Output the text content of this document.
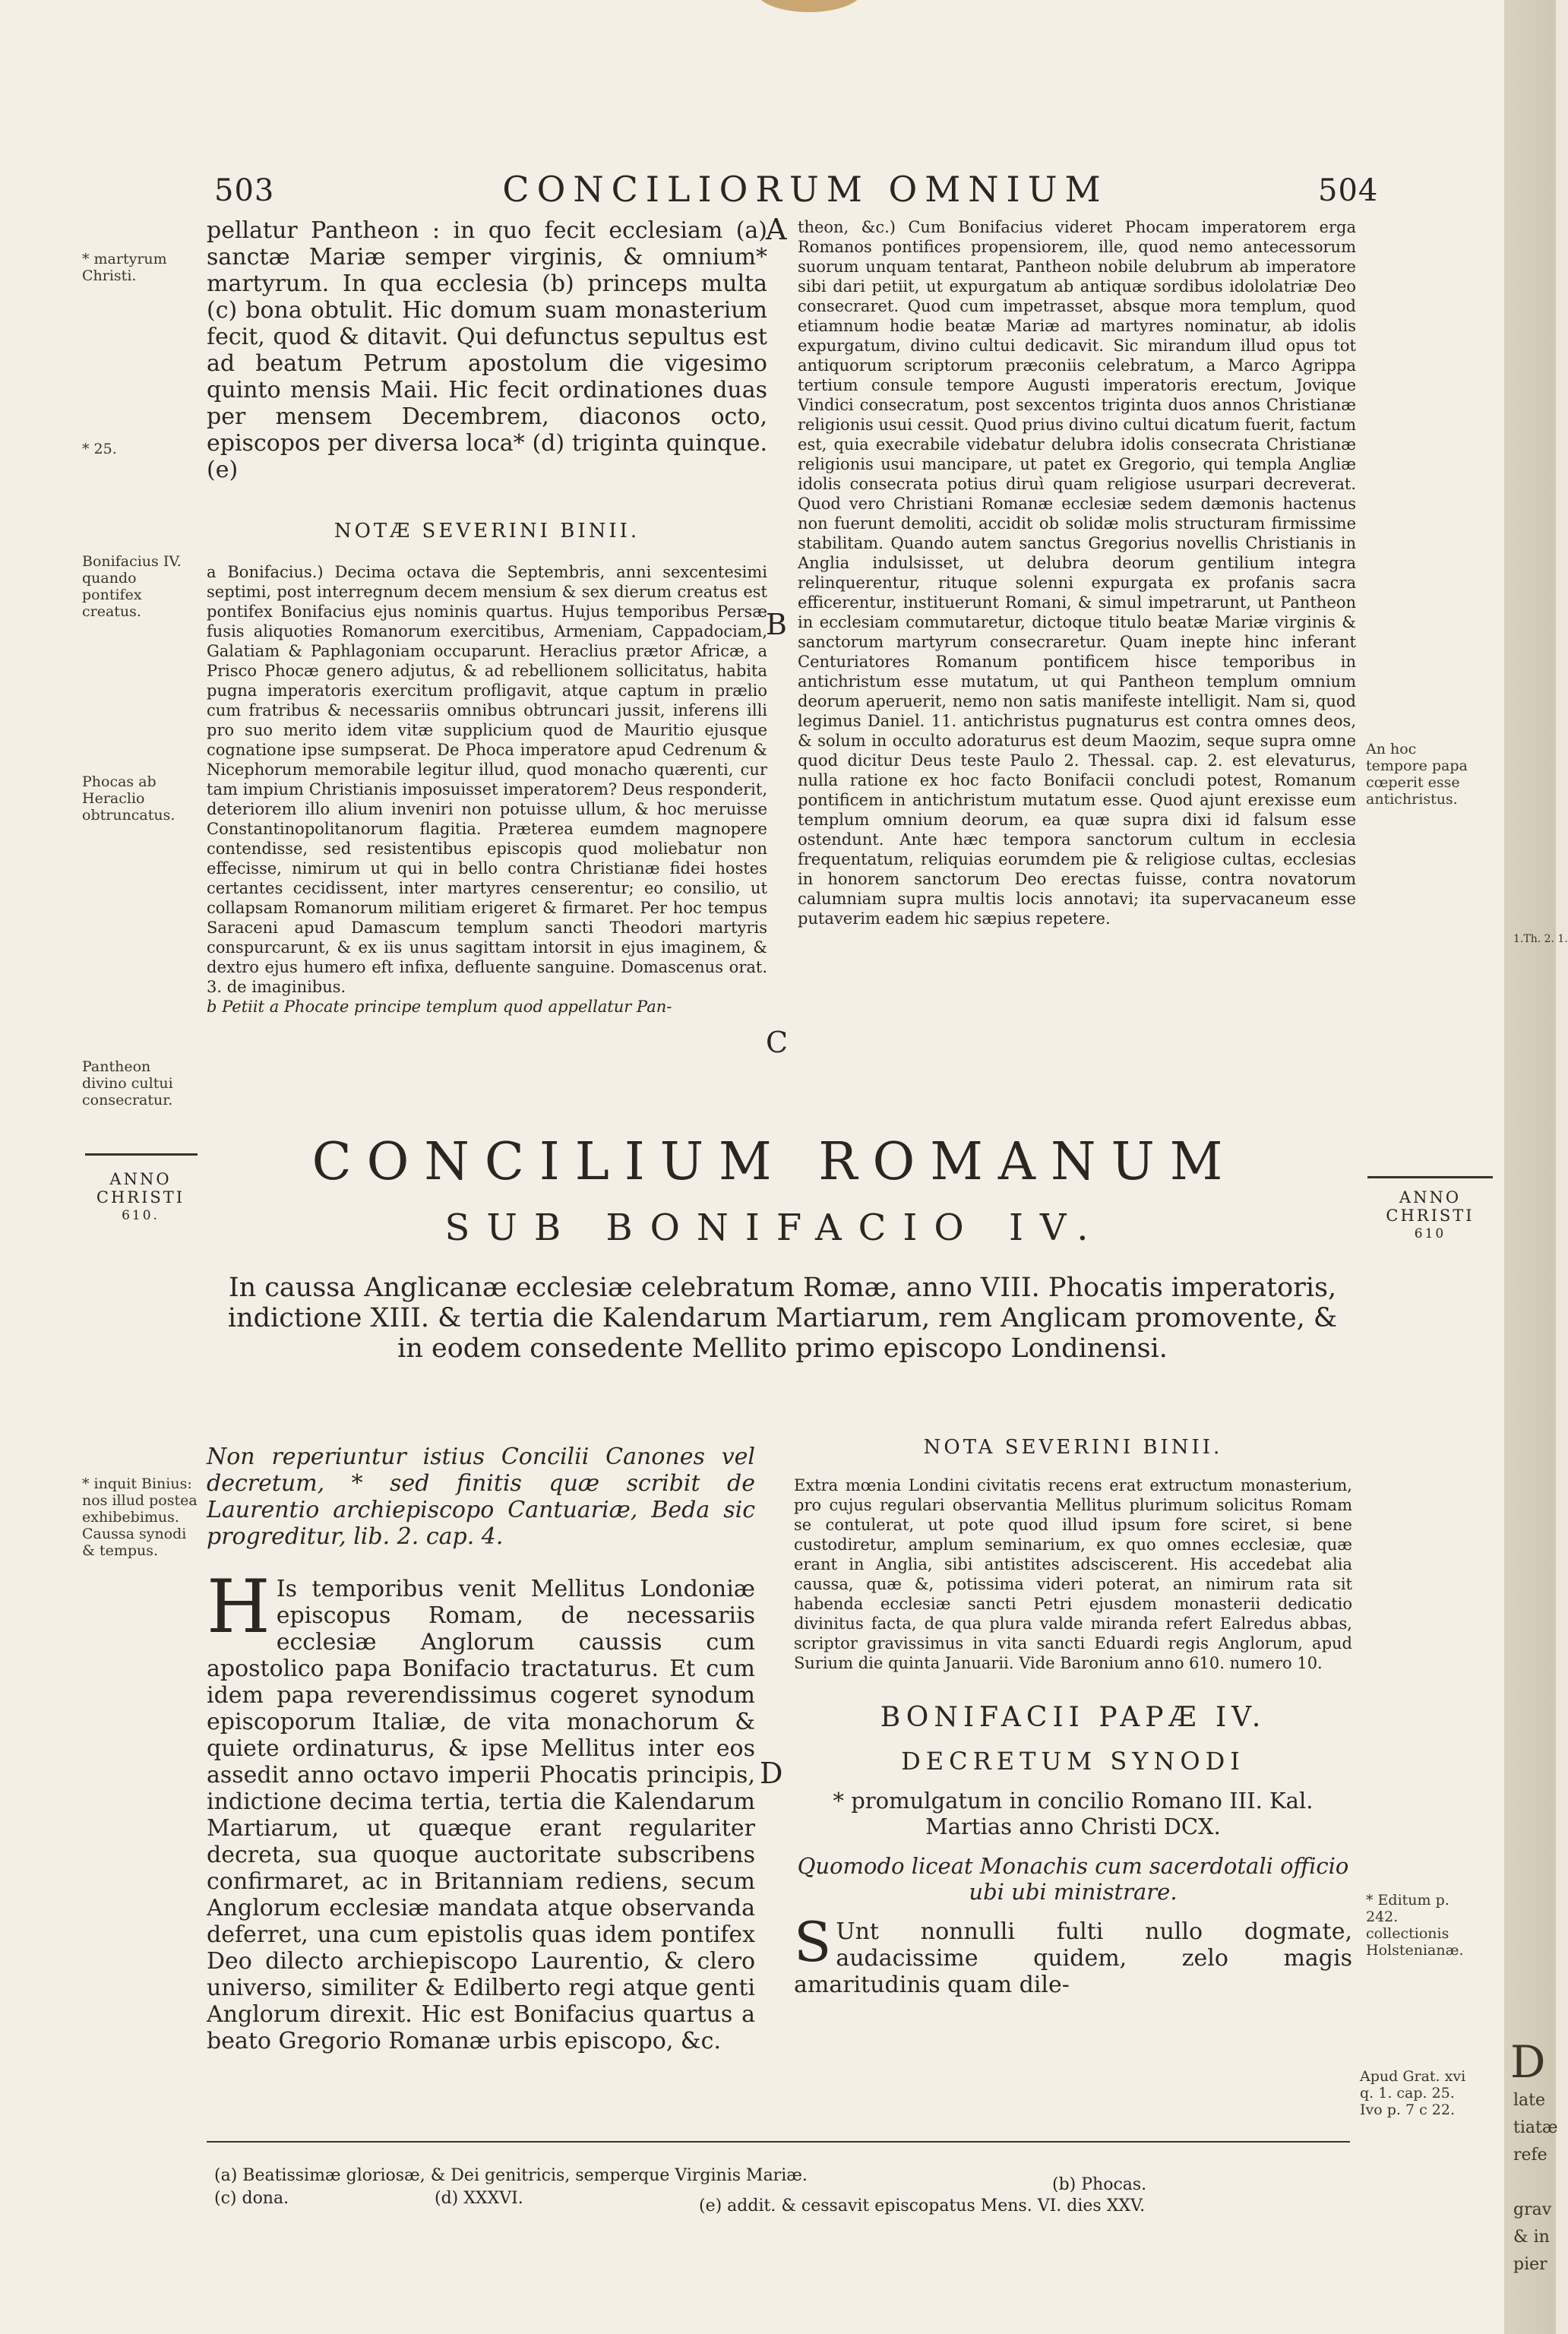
503	CONCILIORUM OMNIUM	504
* martyrum Christi.
* 25.
Bonifacius IV. quando pontifex creatus.
Phocas ab Heraclio obtruncatus.
Pantheon divino cultui consecratur.
pellatur Pantheon : in quo fecit ecclesiam (a) sanctæ Mariæ semper virginis, & omnium* martyrum. In qua ecclesia (b) princeps multa (c) bona obtulit. Hic domum suam monasterium fecit, quod & ditavit. Qui defunctus sepultus est ad beatum Petrum apostolum die vigesimo quinto mensis Maii. Hic fecit ordinationes duas per mensem Decembrem, diaconos octo, episcopos per diversa loca* (d) triginta quinque. (e)
NOTÆ SEVERINI BINII.
a Bonifacius.) Decima octava die Septembris, anni sexcentesimi septimi, post interregnum decem mensium & sex dierum creatus est pontifex Bonifacius ejus nominis quartus. Hujus temporibus Persæ fusis aliquoties Romanorum exercitibus, Armeniam, Cappadociam, Galatiam & Paphlagoniam occuparunt. Heraclius prætor Africæ, a Prisco Phocæ genero adjutus, & ad rebellionem sollicitatus, habita pugna imperatoris exercitum profligavit, atque captum in prælio cum fratribus & necessariis omnibus obtruncari jussit, inferens illi pro suo merito idem vitæ supplicium quod de Mauritio ejusque cognatione ipse sumpserat. De Phoca imperatore apud Cedrenum & Nicephorum memorabile legitur illud, quod monacho quærenti, cur tam impium Christianis imposuisset imperatorem? Deus responderit, deteriorem illo alium inveniri non potuisse ullum, & hoc meruisse Constantinopolitanorum flagitia. Præterea eumdem magnopere contendisse, sed resistentibus episcopis quod moliebatur non effecisse, nimirum ut qui in bello contra Christianæ fidei hostes certantes cecidissent, inter martyres censerentur; eo consilio, ut collapsam Romanorum militiam erigeret & firmaret. Per hoc tempus Saraceni apud Damascum templum sancti Theodori martyris conspurcarunt, & ex iis unus sagittam intorsit in ejus imaginem, & dextro ejus humero eft infixa, defluente sanguine. Domascenus orat. 3. de imaginibus.
b Petiit a Phocate principe templum quod appellatur Pan-
A
B
C
D
theon, &c.) Cum Bonifacius videret Phocam imperatorem erga Romanos pontifices propensiorem, ille, quod nemo antecessorum suorum unquam tentarat, Pantheon nobile delubrum ab imperatore sibi dari petiit, ut expurgatum ab antiquæ sordibus idololatriæ Deo consecraret. Quod cum impetrasset, absque mora templum, quod etiamnum hodie beatæ Mariæ ad martyres nominatur, ab idolis expurgatum, divino cultui dedicavit. Sic mirandum illud opus tot antiquorum scriptorum præconiis celebratum, a Marco Agrippa tertium consule tempore Augusti imperatoris erectum, Jovique Vindici consecratum, post sexcentos triginta duos annos Christianæ religionis usui cessit. Quod prius divino cultui dicatum fuerit, factum est, quia execrabile videbatur delubra idolis consecrata Christianæ religionis usui mancipare, ut patet ex Gregorio, qui templa Angliæ idolis consecrata potius diruì quam religiose usurpari decreverat. Quod vero Christiani Romanæ ecclesiæ sedem dæmonis hactenus non fuerunt demoliti, accidit ob solidæ molis structuram firmissime stabilitam. Quando autem sanctus Gregorius novellis Christianis in Anglia indulsisset, ut delubra deorum gentilium integra relinquerentur, rituque solenni expurgata ex profanis sacra efficerentur, instituerunt Romani, & simul impetrarunt, ut Pantheon in ecclesiam commutaretur, dictoque titulo beatæ Mariæ virginis & sanctorum martyrum consecraretur. Quam inepte hinc inferant Centuriatores Romanum pontificem hisce temporibus in antichristum esse mutatum, ut qui Pantheon templum omnium deorum aperuerit, nemo non satis manifeste intelligit. Nam si, quod legimus Daniel. 11. antichristus pugnaturus est contra omnes deos, & solum in occulto adoraturus est deum Maozim, seque supra omne quod dicitur Deus teste Paulo 2. Thessal. cap. 2. est elevaturus, nulla ratione ex hoc facto Bonifacii concludi potest, Romanum pontificem in antichristum mutatum esse. Quod ajunt erexisse eum templum omnium deorum, ea quæ supra dixi id falsum esse ostendunt. Ante hæc tempora sanctorum cultum in ecclesia frequentatum, reliquias eorumdem pie & religiose cultas, ecclesias in honorem sanctorum Deo erectas fuisse, contra novatorum calumniam supra multis locis annotavi; ita supervacaneum esse putaverim eadem hic sæpius repetere.
An hoc tempore papa cœperit esse antichristus.
ANNO
CHRISTI
610.
ANNO
CHRISTI
610
CONCILIUM ROMANUM
SUB BONIFACIO IV.
In caussa Anglicanæ ecclesiæ celebratum Romæ, anno VIII. Phocatis imperatoris, indictione XIII. & tertia die Kalendarum Martiarum, rem Anglicam promovente, & in eodem consedente Mellito primo episcopo Londinensi.
* inquit Binius: nos illud postea exhibebimus. Caussa synodi & tempus.
Non reperiuntur istius Concilii Canones vel decretum, * sed finitis quæ scribit de Laurentio archiepiscopo Cantuariæ, Beda sic progreditur, lib. 2. cap. 4.
H Is temporibus venit Mellitus Londoniæ episcopus Romam, de necessariis ecclesiæ Anglorum caussis cum apostolico papa Bonifacio tractaturus. Et cum idem papa reverendissimus cogeret synodum episcoporum Italiæ, de vita monachorum & quiete ordinaturus, & ipse Mellitus inter eos assedit anno octavo imperii Phocatis principis, indictione decima tertia, tertia die Kalendarum Martiarum, ut quæque erant regulariter decreta, sua quoque auctoritate subscribens confirmaret, ac in Britanniam rediens, secum Anglorum ecclesiæ mandata atque observanda deferret, una cum epistolis quas idem pontifex Deo dilecto archiepiscopo Laurentio, & clero universo, similiter & Edilberto regi atque genti Anglorum direxit. Hic est Bonifacius quartus a beato Gregorio Romanæ urbis episcopo, &c.
NOTA SEVERINI BINII.
Extra mœnia Londini civitatis recens erat extructum monasterium, pro cujus regulari observantia Mellitus plurimum solicitus Romam se contulerat, ut pote quod illud ipsum fore sciret, si bene custodiretur, amplum seminarium, ex quo omnes ecclesiæ, quæ erant in Anglia, sibi antistites adsciscerent. His accedebat alia caussa, quæ &, potissima videri poterat, an nimirum rata sit habenda ecclesiæ sancti Petri ejusdem monasterii dedicatio divinitus facta, de qua plura valde miranda refert Ealredus abbas, scriptor gravissimus in vita sancti Eduardi regis Anglorum, apud Surium die quinta Januarii. Vide Baronium anno 610. numero 10.
BONIFACII PAPÆ IV.
DECRETUM SYNODI
* promulgatum in concilio Romano III. Kal. Martias anno Christi DCX.
Quomodo liceat Monachis cum sacerdotali officio ubi ubi ministrare.
S Unt nonnulli fulti nullo dogmate, audacissime quidem, zelo magis amaritudinis quam dile-
* Editum p. 242. collectionis Holstenianæ.
Apud Grat. xvi q. 1. cap. 25. Ivo p. 7 c 22.
(a) Beatissimæ gloriosæ, & Dei genitricis, semperque Virginis Mariæ.	(b) Phocas.
(c) dona.	(d) XXXVI.	(e) addit. & cessavit episcopatus Mens. VI. dies XXV.
1.Th. 2. 1.
D
late
tiatæ
refe
grav
& in
pier
